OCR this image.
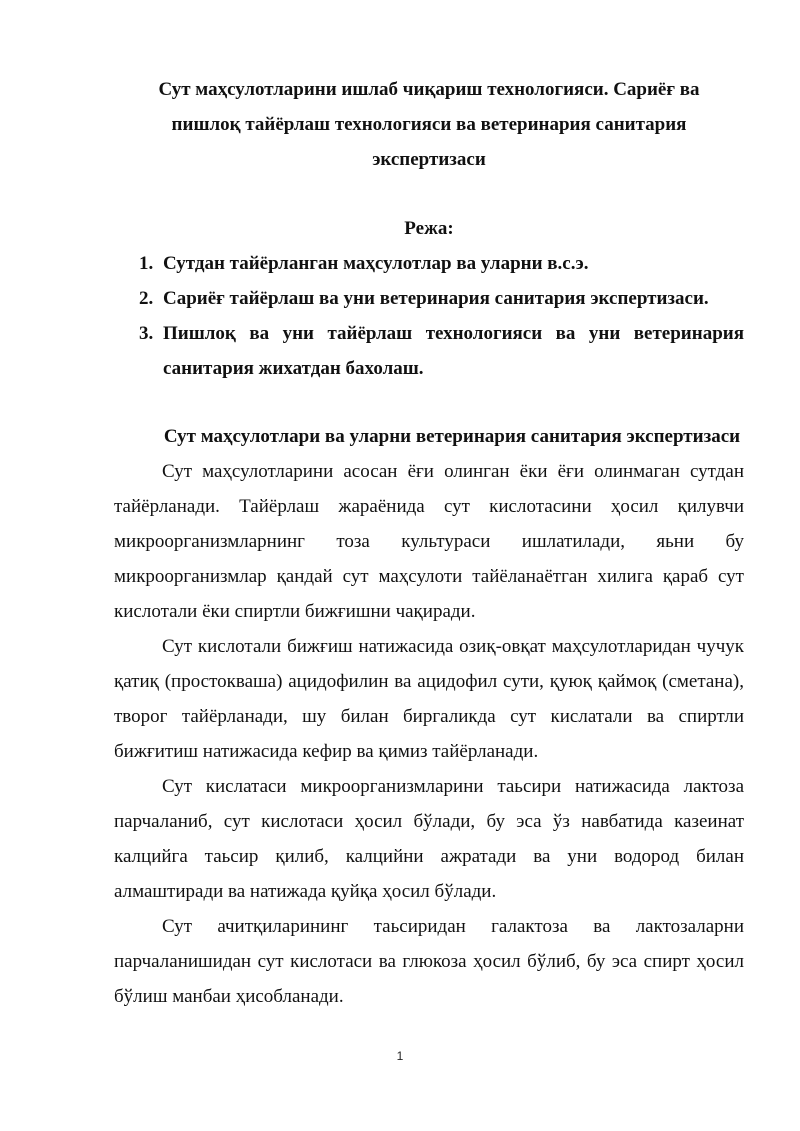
Сут маҳсулотларини ишлаб чиқариш технологияси. Сариёғ ва пишлоқ тайёрлаш технологияси ва ветеринария санитария экспертизаси
Режа:
1. Сутдан тайёрланган маҳсулотлар ва уларни в.с.э.
2. Сариёғ тайёрлаш ва уни ветеринария санитария экспертизаси.
3. Пишлоқ ва уни тайёрлаш технологияси ва уни ветеринария санитария жихатдан бахолаш.
Сут маҳсулотлари ва уларни ветеринария санитария экспертизаси

Сут маҳсулотларини асосан ёғи олинган ёки ёғи олинмаган сутдан тайёрланади. Тайёрлаш жараёнида сут кислотасини ҳосил қилувчи микроорганизмларнинг тоза культураси ишлатилади, яьни бу микроорганизмлар қандай сут маҳсулоти тайёланаётган хилига қараб сут кислотали ёки спиртли бижғишни чақиради.

Сут кислотали бижғиш натижасида озиқ-овқат маҳсулотларидан чучук қатиқ (простокваша) ацидофилин ва ацидофил сути, қуюқ қаймоқ (сметана), творог тайёрланади, шу билан биргаликда сут кислатали ва спиртли бижғитиш натижасида кефир ва қимиз тайёрланади.

Сут кислатаси микроорганизмларини таьсири натижасида лактоза парчаланиб, сут кислотаси ҳосил бўлади, бу эса ўз навбатида казеинат калцийга таьсир қилиб, калцийни ажратади ва уни водород билан алмаштиради ва натижада қуйқа ҳосил бўлади.

Сут ачитқиларининг таьсиридан галактоза ва лактозаларни парчаланишидан сут кислотаси ва глюкоза ҳосил бўлиб, бу эса спирт ҳосил бўлиш манбаи ҳисобланади.

1
